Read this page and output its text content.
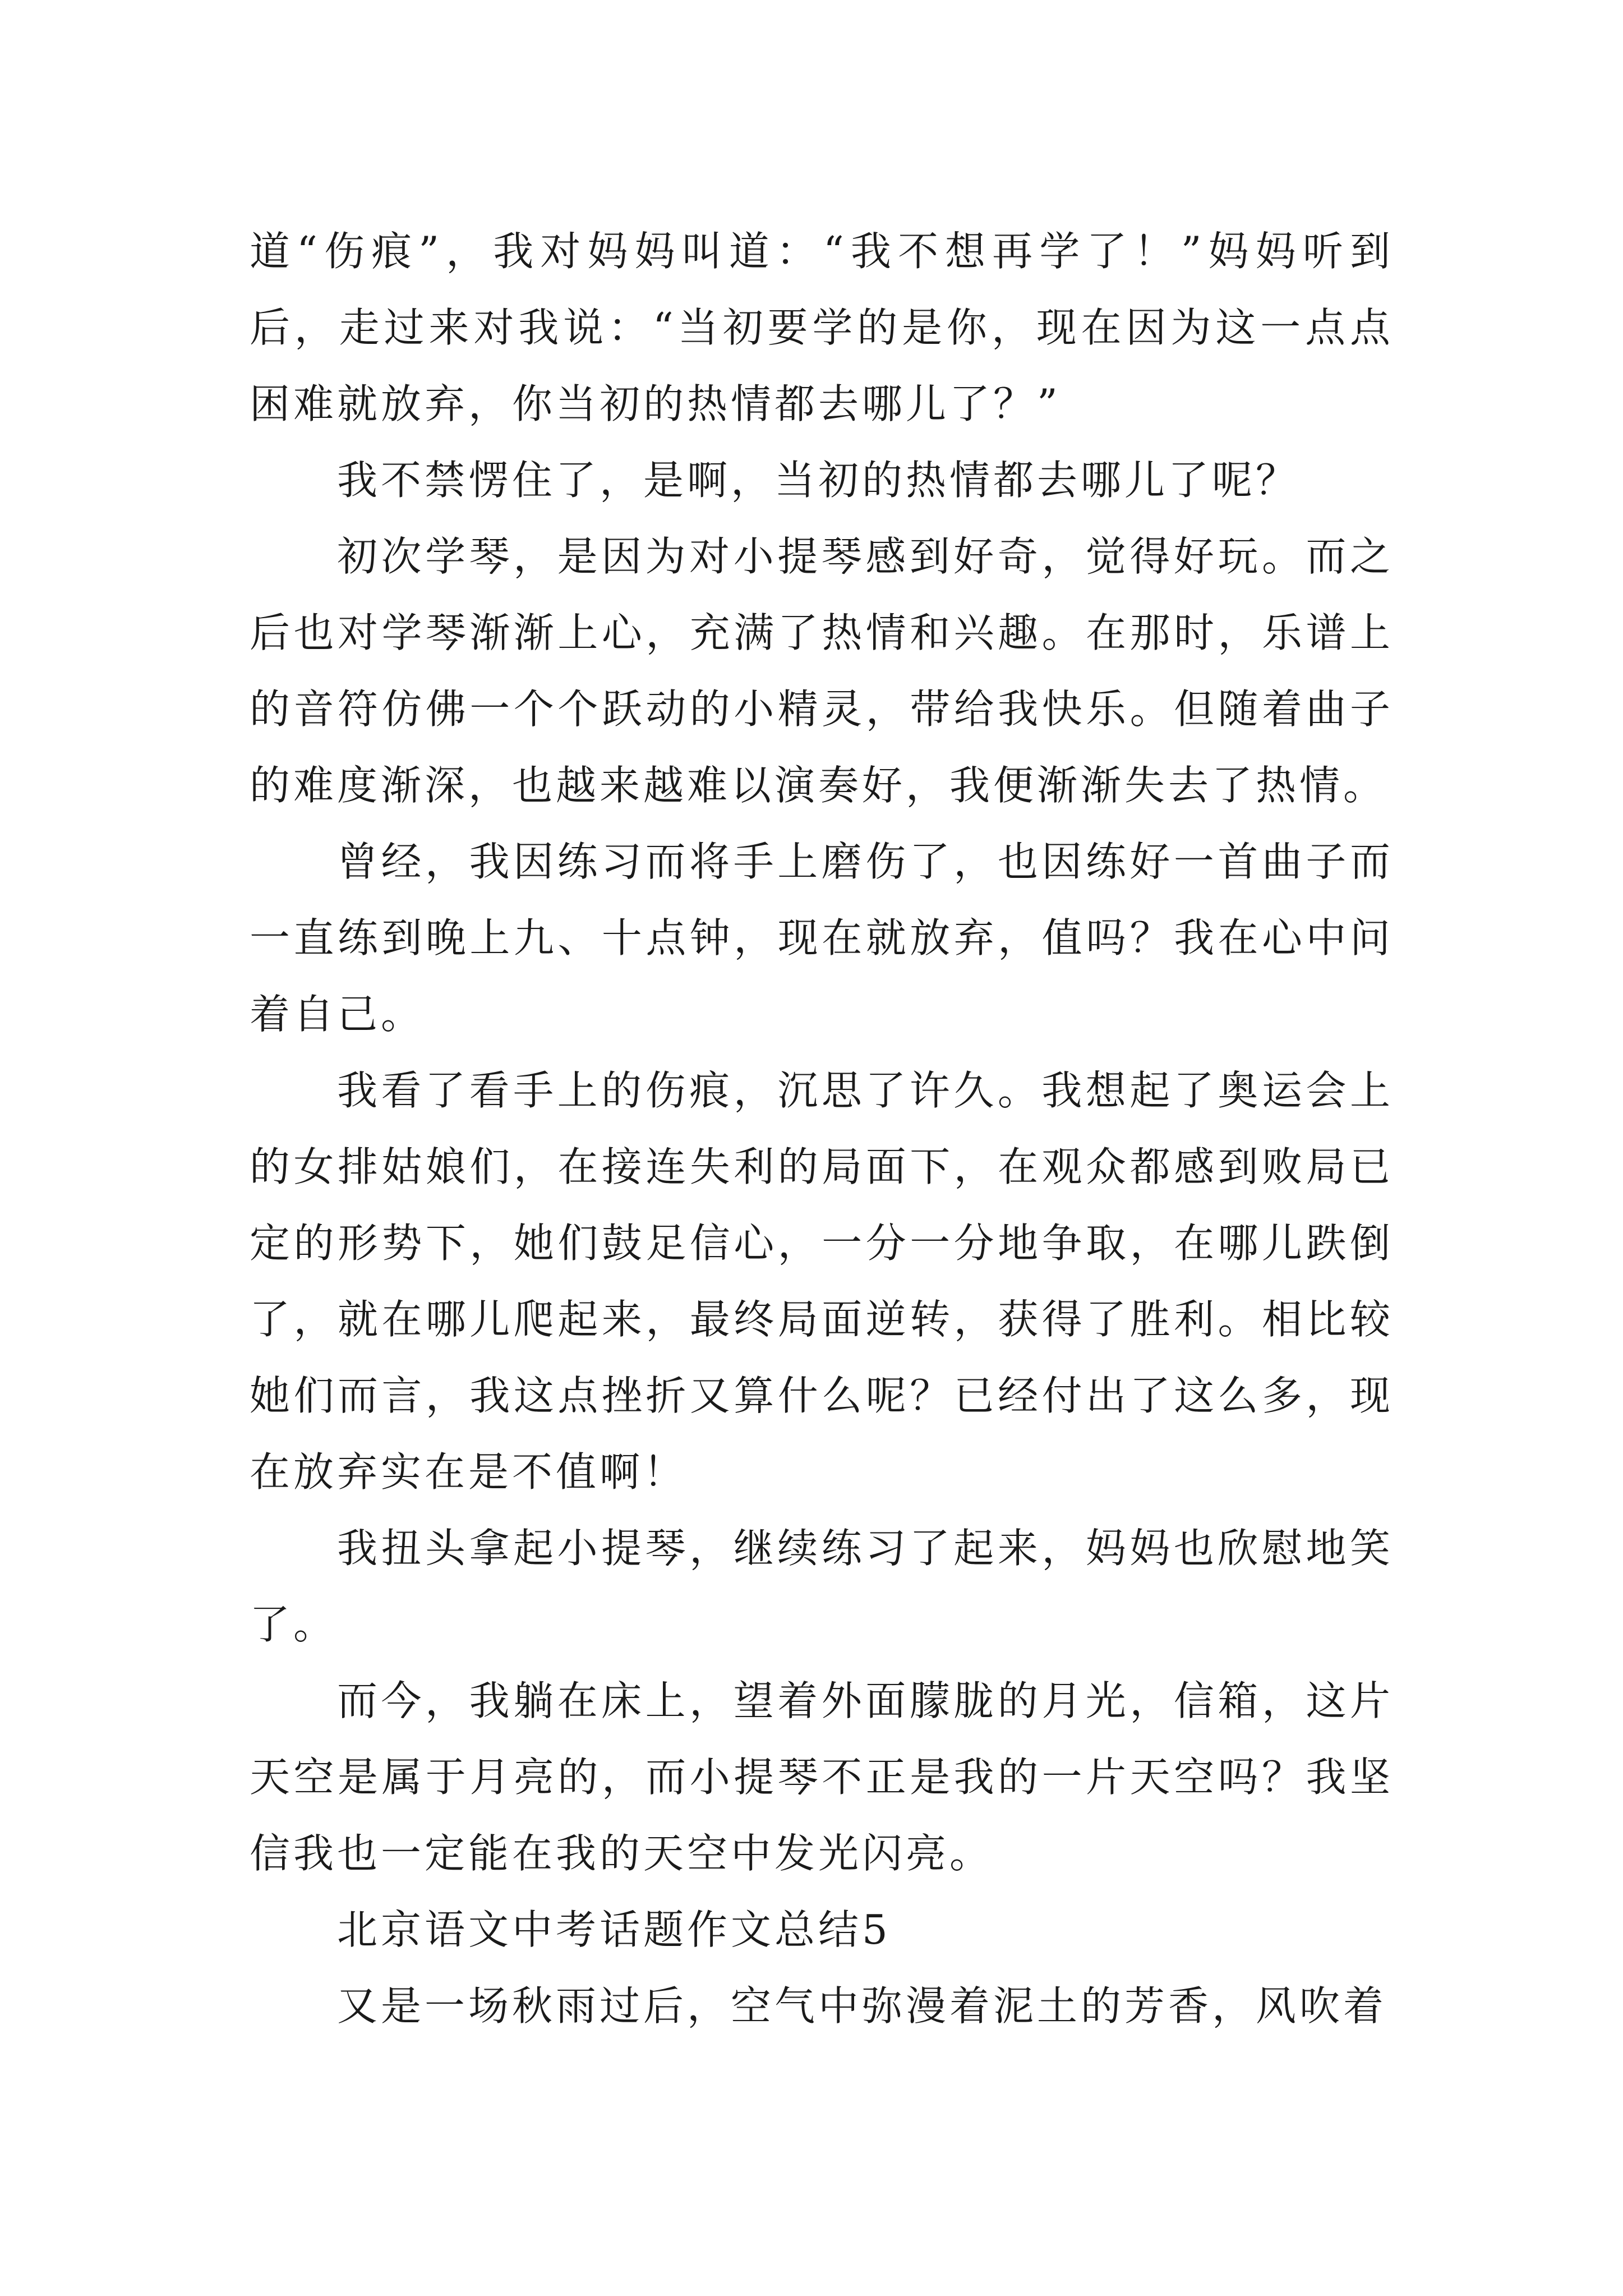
道“伤痕”，我对妈妈叫道：“我不想再学了！”妈妈听到后，走过来对我说：“当初要学的是你，现在因为这一点点困难就放弃，你当初的热情都去哪儿了？”

我不禁愣住了，是啊，当初的热情都去哪儿了呢？

初次学琴，是因为对小提琴感到好奇，觉得好玩。而之后也对学琴渐渐上心，充满了热情和兴趣。在那时，乐谱上的音符仿佛一个个跃动的小精灵，带给我快乐。但随着曲子的难度渐深，也越来越难以演奏好，我便渐渐失去了热情。

曾经，我因练习而将手上磨伤了，也因练好一首曲子而一直练到晚上九、十点钟，现在就放弃，值吗？我在心中问着自己。

我看了看手上的伤痕，沉思了许久。我想起了奥运会上的女排姑娘们，在接连失利的局面下，在观众都感到败局已定的形势下，她们鼓足信心，一分一分地争取，在哪儿跌倒了，就在哪儿爬起来，最终局面逆转，获得了胜利。相比较她们而言，我这点挫折又算什么呢？已经付出了这么多，现在放弃实在是不值啊！

我扭头拿起小提琴，继续练习了起来，妈妈也欣慰地笑了。

而今，我躺在床上，望着外面朦胧的月光，信箱，这片天空是属于月亮的，而小提琴不正是我的一片天空吗？我坚信我也一定能在我的天空中发光闪亮。

北京语文中考话题作文总结5

又是一场秋雨过后，空气中弥漫着泥土的芳香，风吹着
